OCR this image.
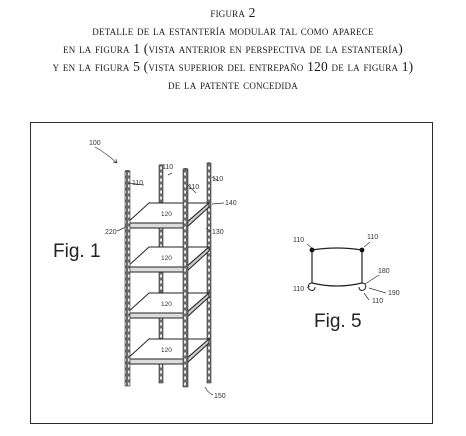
figura 2
detalle de la estantería modular tal como aparece
en la figura 1 (vista anterior en perspectiva de la estantería)
y en la figura 5 (vista superior del entrepaño 120 de la figura 1)
de la patente concedida
120
120
120
120
100
110
110
110
110
140
220	130
150
Fig. 1
110	110
180
110
190
110
Fig. 5
